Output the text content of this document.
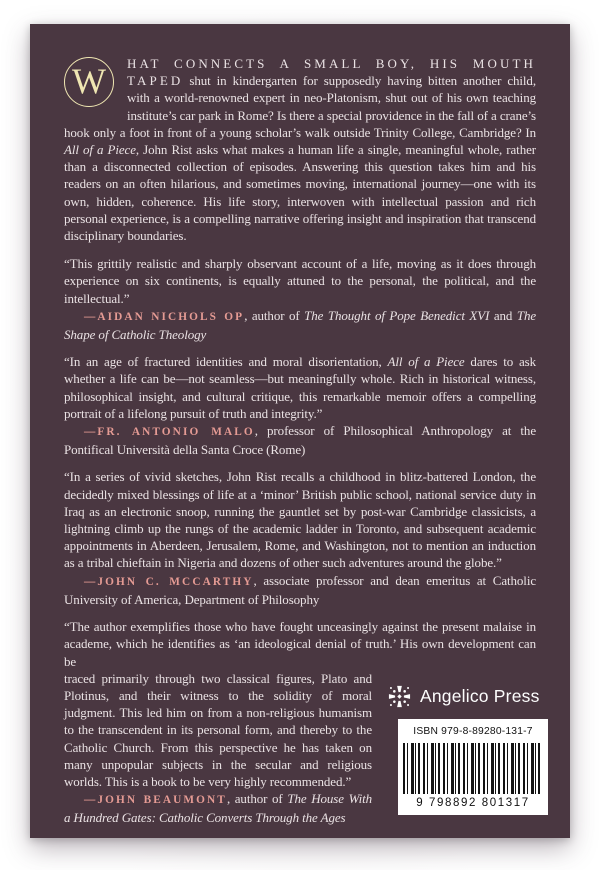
W	HAT CONNECTS A SMALL BOY, HIS MOUTH TAPED shut in kindergarten for supposedly having bitten another child, with a world-renowned expert in neo-Platonism, shut out of his own teaching institute’s car park in Rome? Is there a special providence in the fall of a crane’s hook only a foot in front of a young scholar’s walk outside Trinity College, Cambridge? In All of a Piece, John Rist asks what makes a human life a single, meaningful whole, rather than a disconnected collection of episodes. Answering this question takes him and his readers on an often hilarious, and sometimes moving, international journey—one with its own, hidden, coherence. His life story, interwoven with intellectual passion and rich personal experience, is a compelling narrative offering insight and inspiration that transcend disciplinary boundaries.

“This grittily realistic and sharply observant account of a life, moving as it does through experience on six continents, is equally attuned to the personal, the political, and the intellectual.”

—AIDAN NICHOLS OP, author of The Thought of Pope Benedict XVI and The Shape of Catholic Theology

“In an age of fractured identities and moral disorientation, All of a Piece dares to ask whether a life can be—not seamless—but meaningfully whole. Rich in historical witness, philosophical insight, and cultural critique, this remarkable memoir offers a compelling portrait of a lifelong pursuit of truth and integrity.”

—FR. ANTONIO MALO, professor of Philosophical Anthropology at the Pontifical Università della Santa Croce (Rome)

“In a series of vivid sketches, John Rist recalls a childhood in blitz-battered London, the decidedly mixed blessings of life at a ‘minor’ British public school, national service duty in Iraq as an electronic snoop, running the gauntlet set by post-war Cambridge classicists, a lightning climb up the rungs of the academic ladder in Toronto, and subsequent academic appointments in Aberdeen, Jerusalem, Rome, and Washington, not to mention an induction as a tribal chieftain in Nigeria and dozens of other such adventures around the globe.”

—JOHN C. MCCARTHY, associate professor and dean emeritus at Catholic University of America, Department of Philosophy

“The author exemplifies those who have fought unceasingly against the present malaise in academe, which he identifies as ‘an ideological denial of truth.’ His own development can be

traced primarily through two classical figures, Plato and Plotinus, and their witness to the solidity of moral judgment. This led him on from a non-religious humanism to the transcendent in its personal form, and thereby to the Catholic Church. From this perspective he has taken on many unpopular subjects in the secular and religious worlds. This is a book to be very highly recommended.”

—JOHN BEAUMONT, author of The House With a Hundred Gates: Catholic Converts Through the Ages

Angelico Press
ISBN 979-8-89280-131-7
9 798892 801317
